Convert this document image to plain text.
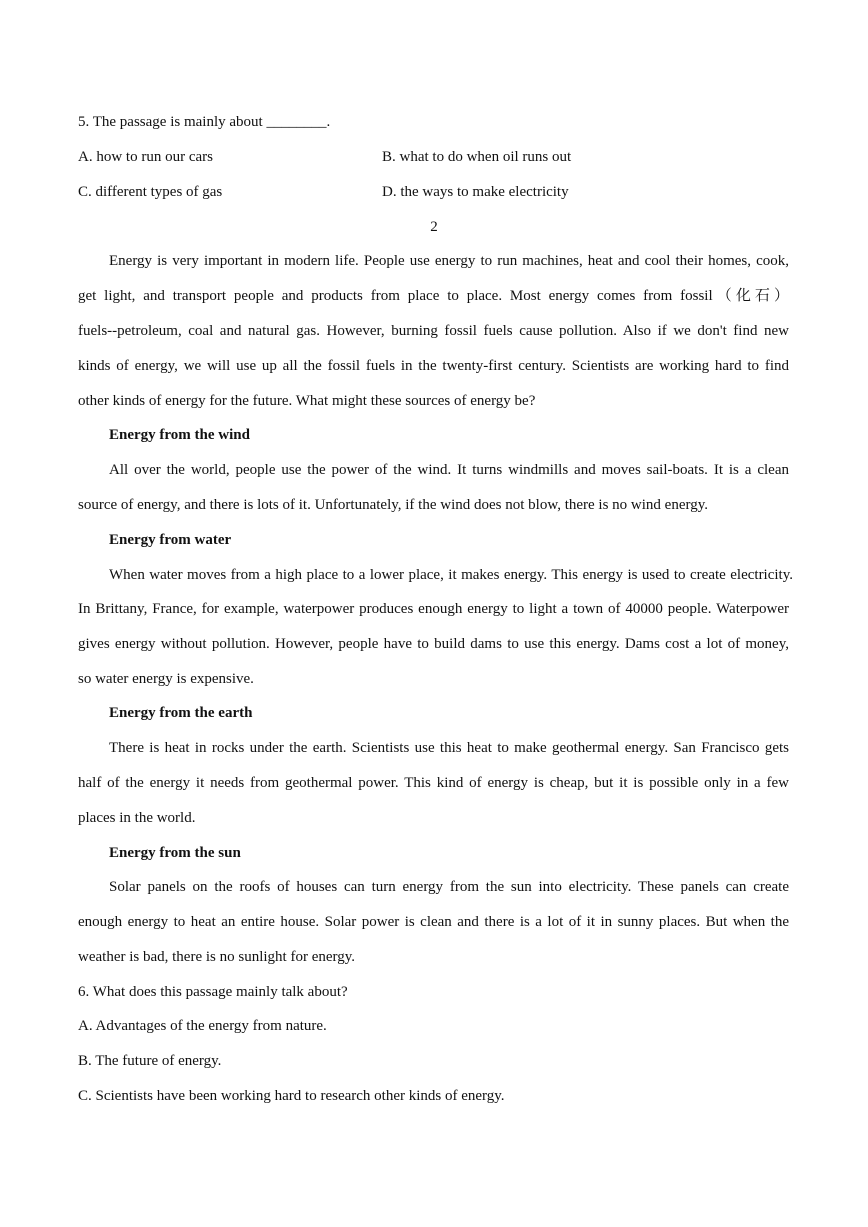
5. The passage is mainly about ________.
A. how to run our cars	B. what to do when oil runs out
C. different types of gas	D. the ways to make electricity
2
Energy is very important in modern life. People use energy to run machines, heat and cool their homes, cook,
get light, and transport people and products from place to place. Most energy comes from fossil（化石）
fuels--petroleum, coal and natural gas. However, burning fossil fuels cause pollution. Also if we don't find new
kinds of energy, we will use up all the fossil fuels in the twenty-first century. Scientists are working hard to find
other kinds of energy for the future. What might these sources of energy be?
Energy from the wind
All over the world, people use the power of the wind. It turns windmills and moves sail-boats. It is a clean
source of energy, and there is lots of it. Unfortunately, if the wind does not blow, there is no wind energy.
Energy from water
When water moves from a high place to a lower place, it makes energy. This energy is used to create electricity.
In Brittany, France, for example, waterpower produces enough energy to light a town of 40000 people. Waterpower
gives energy without pollution. However, people have to build dams to use this energy. Dams cost a lot of money,
so water energy is expensive.
Energy from the earth
There is heat in rocks under the earth. Scientists use this heat to make geothermal energy. San Francisco gets
half of the energy it needs from geothermal power. This kind of energy is cheap, but it is possible only in a few
places in the world.
Energy from the sun
Solar panels on the roofs of houses can turn energy from the sun into electricity. These panels can create
enough energy to heat an entire house. Solar power is clean and there is a lot of it in sunny places. But when the
weather is bad, there is no sunlight for energy.
6. What does this passage mainly talk about?
A. Advantages of the energy from nature.
B. The future of energy.
C. Scientists have been working hard to research other kinds of energy.
